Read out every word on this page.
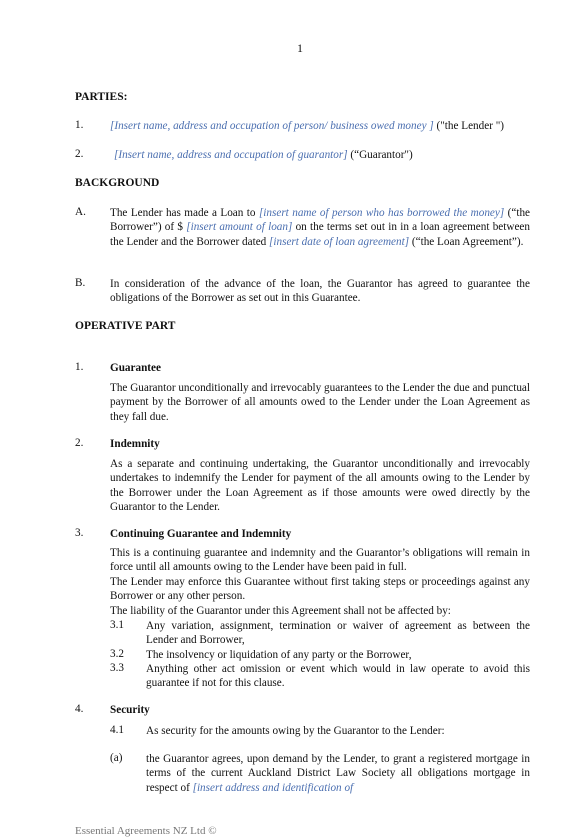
1
PARTIES:
1. [Insert name, address and occupation of person/ business owed money ] ("the Lender ")
2.	[Insert name, address and occupation of guarantor] (“Guarantor")
BACKGROUND
A. The Lender has made a Loan to [insert name of person who has borrowed the money] (“the Borrower”) of $ [insert amount of loan] on the terms set out in in a loan agreement between the Lender and the Borrower dated [insert date of loan agreement] (“the Loan Agreement”).
B. In consideration of the advance of the loan, the Guarantor has agreed to guarantee the obligations of the Borrower as set out in this Guarantee.
OPERATIVE PART
1. Guarantee
The Guarantor unconditionally and irrevocably guarantees to the Lender the due and punctual payment by the Borrower of all amounts owed to the Lender under the Loan Agreement as they fall due.
2. Indemnity
As a separate and continuing undertaking, the Guarantor unconditionally and irrevocably undertakes to indemnify the Lender for payment of the all amounts owing to the Lender by the Borrower under the Loan Agreement as if those amounts were owed directly by the Guarantor to the Lender.
3. Continuing Guarantee and Indemnity
This is a continuing guarantee and indemnity and the Guarantor’s obligations will remain in force until all amounts owing to the Lender have been paid in full.
The Lender may enforce this Guarantee without first taking steps or proceedings against any Borrower or any other person.
The liability of the Guarantor under this Agreement shall not be affected by:
3.1 Any variation, assignment, termination or waiver of agreement as between the Lender and Borrower,
3.2 The insolvency or liquidation of any party or the Borrower,
3.3 Anything other act omission or event which would in law operate to avoid this guarantee if not for this clause.
4. Security
4.1 As security for the amounts owing by the Guarantor to the Lender:
(a) the Guarantor agrees, upon demand by the Lender, to grant a registered mortgage in terms of the current Auckland District Law Society all obligations mortgage in respect of [insert address and identification of
Essential Agreements NZ Ltd ©
